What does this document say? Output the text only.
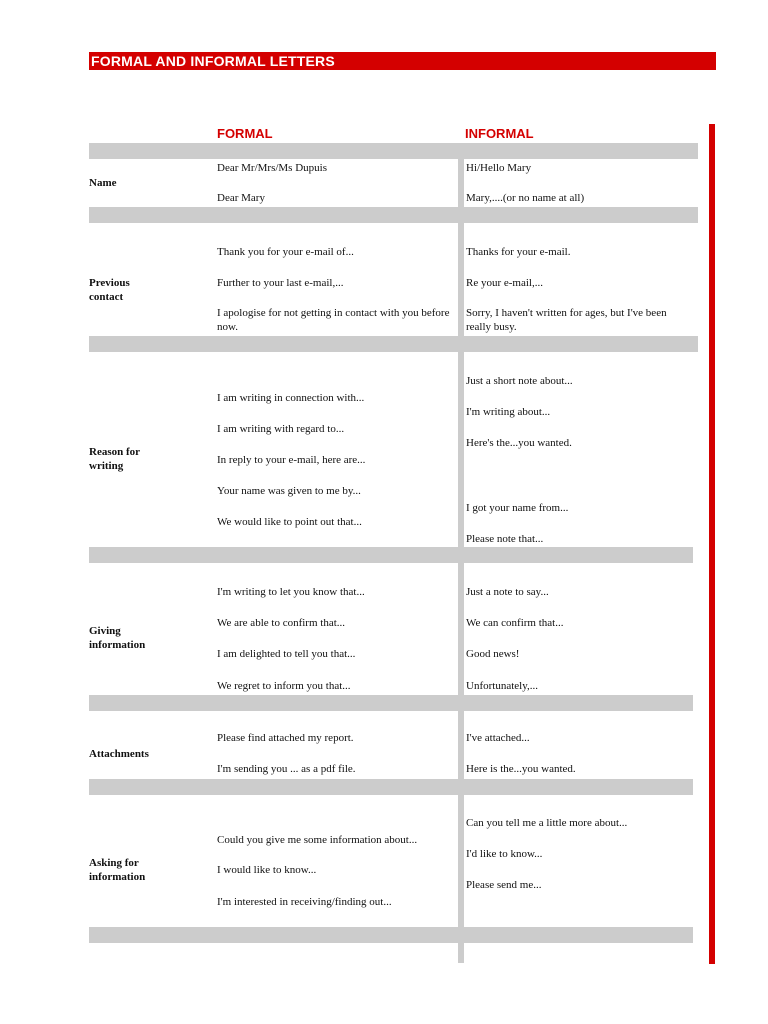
FORMAL AND INFORMAL LETTERS
FORMAL	INFORMAL
Name
Dear Mr/Mrs/Ms Dupuis
Dear Mary
Hi/Hello Mary
Mary,....(or no name at all)
Previous contact
Thank you for your e-mail of...
Further to your last e-mail,...
I apologise for not getting in contact with you before now.
Thanks for your e-mail.
Re your e-mail,...
Sorry, I haven't written for ages, but I've been really busy.
Reason for writing
I am writing in connection with...
I am writing with regard to...
In reply to your e-mail, here are...
Your name was given to me by...
We would like to point out that...
Just a short note about...
I'm writing about...
Here's the...you wanted.
I got your name from...
Please note that...
Giving information
I'm writing to let you know that...
We are able to confirm that...
I am delighted to tell you that...
We regret to inform you that...
Just a note to say...
We can confirm that...
Good news!
Unfortunately,...
Attachments
Please find attached my report.
I'm sending you ... as a pdf file.
I've attached...
Here is the...you wanted.
Asking for information
Could you give me some information about...
I would like to know...
I'm interested in receiving/finding out...
Can you tell me a little more about...
I'd like to know...
Please send me...
